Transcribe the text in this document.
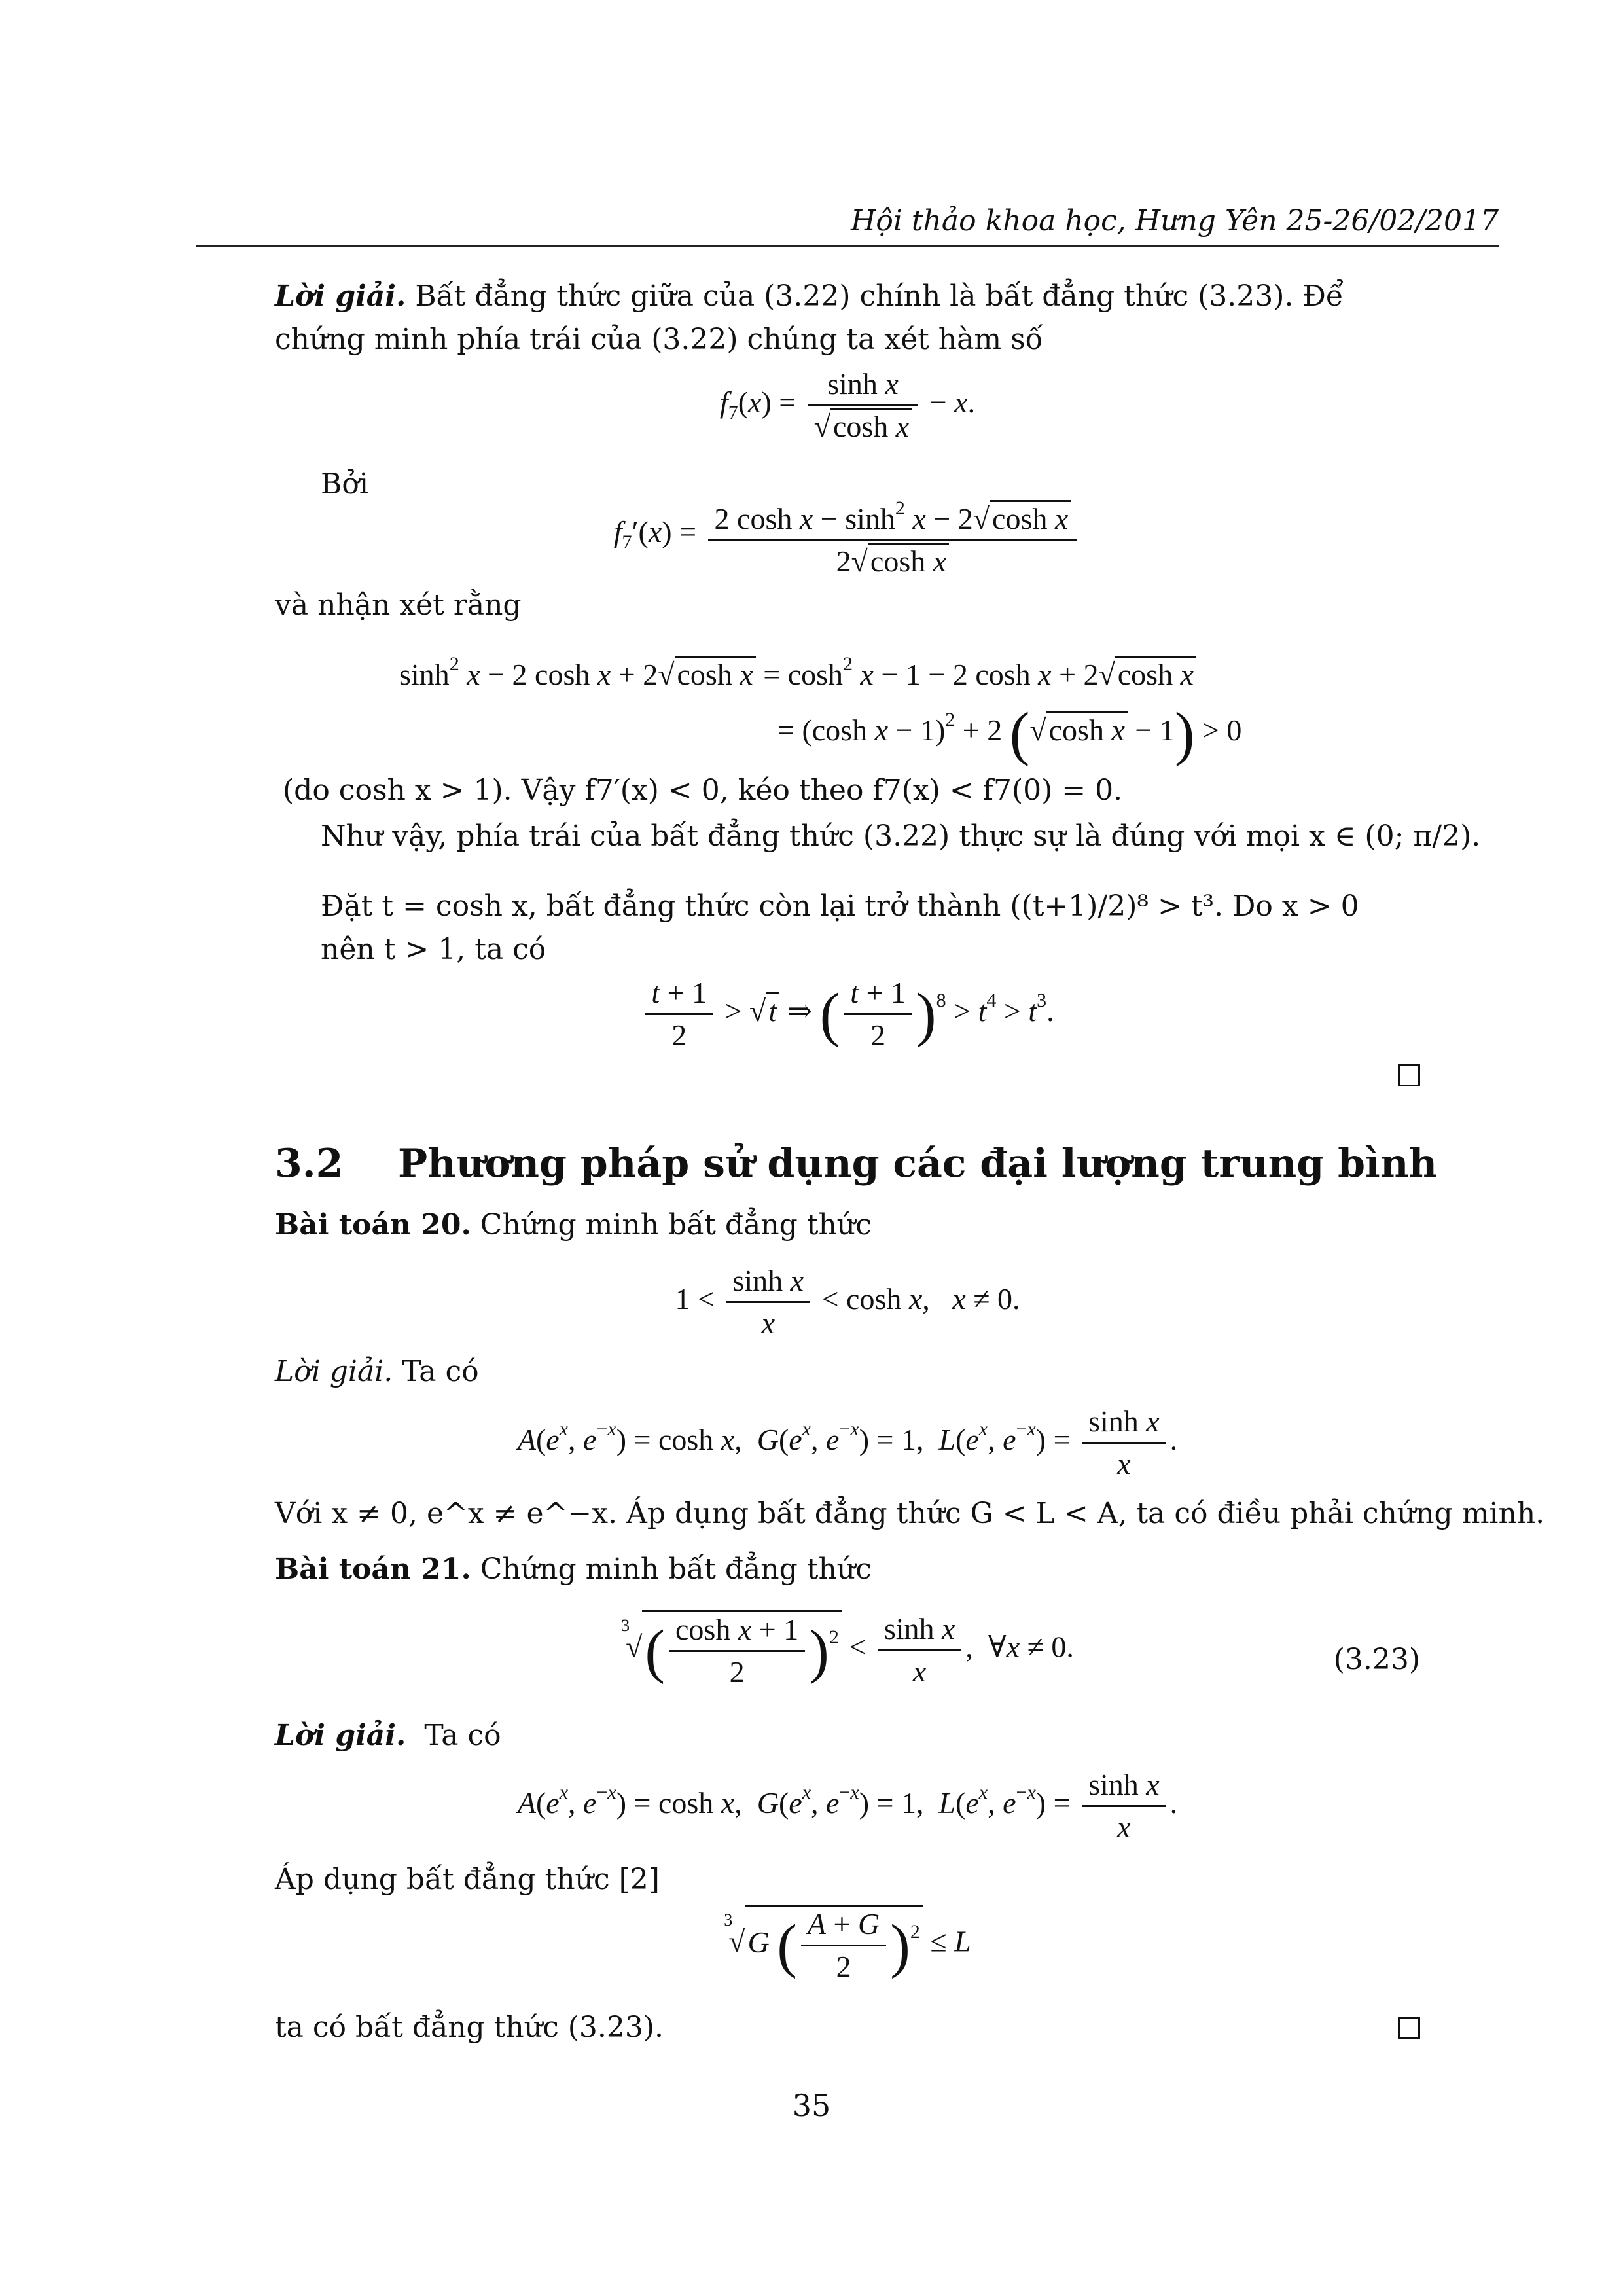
Hội thảo khoa học, Hưng Yên 25-26/02/2017
Lời giải. Bất đẳng thức giữa của (3.22) chính là bất đẳng thức (3.23). Để chứng minh phía trái của (3.22) chúng ta xét hàm số
$f_7(x) = \frac{\text{sinh x}}{\text{√cosh x}} - x$.
Bởi
$f_7'(x) = \frac{2 \cosh x - \sinh^2 x - 2√\cosh x}{\text{2√cosh x}}$
và nhận xét rằng
$\sinh^2 x - 2$ cosh x + 2√cosh $x = \cosh^2 x - 1 - 2$ cosh x + 2√cosh x
= (cosh x − 1)$^2$ + 2 (√cosh x − 1) > 0
(do cosh x > 1). Vậy f7′(x) < 0, kéo theo f7(x) < f7(0) = 0.
Như vậy, phía trái của bất đẳng thức (3.22) thực sự là đúng với mọi x ∈ (0; π/2).
Đặt t = cosh x, bất đẳng thức còn lại trở thành ((t+1)/2)⁸ > t³. Do x > 0 nên t > 1, ta có
$\frac{t + 1}{2} > √t$ ⇒ ( $\frac{t + 1}{2} )^8 > t^4 > t^3$.
3.2 Phương pháp sử dụng các đại lượng trung bình
Bài toán 20. Chứng minh bất đẳng thức
$1 < \frac{\text{sinh x}}{x} < \cosh x$,   x ≠ 0.
Lời giải. Ta có
$A(e^x$, $e^{-x}) = \cosh x$,  $G(e^x$, $e^{-x}) = 1$,  $L(e^x$, $e^{-x}) = \frac{\text{sinh x}}{x}$ .
Với x ≠ 0, e^x ≠ e^−x. Áp dụng bất đẳng thức G < L < A, ta có điều phải chứng minh.
Bài toán 21. Chứng minh bất đẳng thức
$^3√( \frac{\text{cosh x + 1}}{2} )^2 < \frac{\text{sinh x}}{x}$ ,  ∀x ≠ 0.	(3.23)
Lời giải. Ta có
$A(e^x$, $e^{-x}) = \cosh x$,  $G(e^x$, $e^{-x}) = 1$,  $L(e^x$, $e^{-x}) = \frac{\text{sinh x}}{x}$ .
Áp dụng bất đẳng thức [2]
$^3$√G ( $\frac{A + G}{2} )^2 \le L$
ta có bất đẳng thức (3.23).
35
